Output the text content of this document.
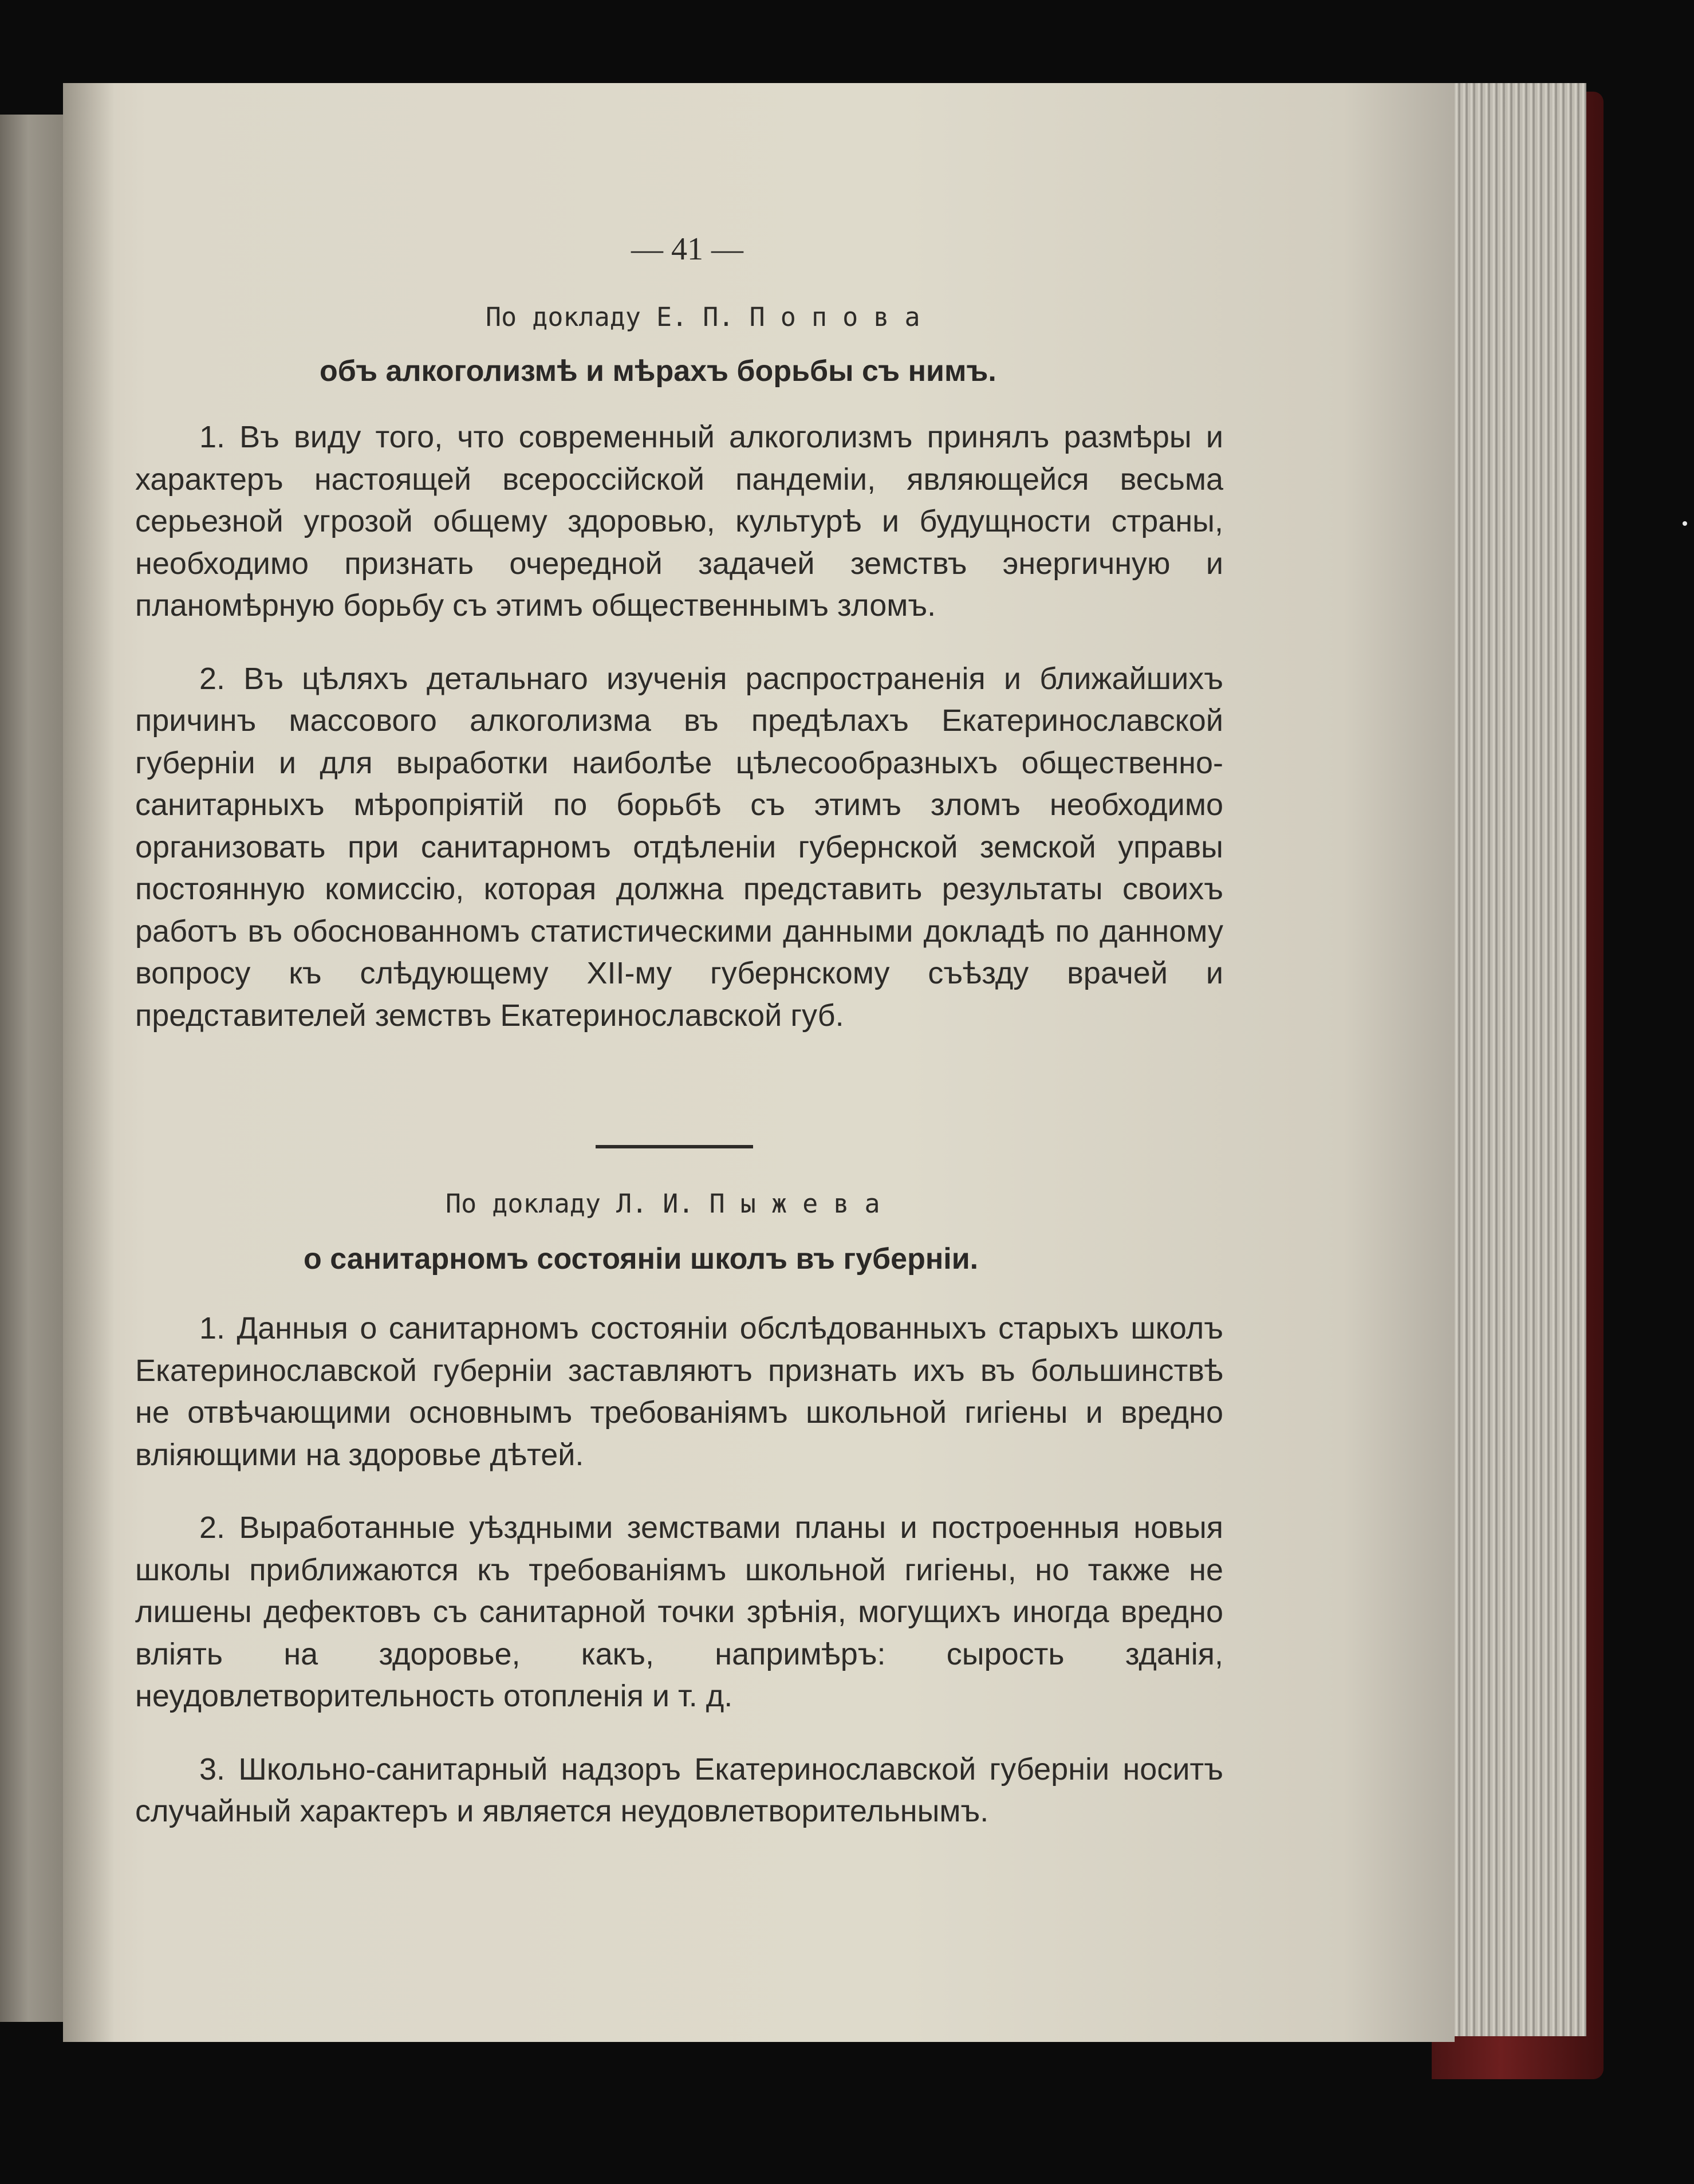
— 41 —
По докладу Е. П. П о п о в а
объ алкоголизмѣ и мѣрахъ борьбы съ нимъ.

1. Въ виду того, что современный алкоголизмъ принялъ размѣры и характеръ настоящей всероссійской пандеміи, являющейся весьма серьезной угрозой общему здоровью, культурѣ и будущности страны, необходимо признать очередной задачей земствъ энергичную и планомѣрную борьбу съ этимъ общественнымъ зломъ.

2. Въ цѣляхъ детальнаго изученія распространенія и ближайшихъ причинъ массового алкоголизма въ предѣлахъ Екатеринославской губерніи и для выработки наиболѣе цѣлесообразныхъ общественно-санитарныхъ мѣропріятій по борьбѣ съ этимъ зломъ необходимо организовать при санитарномъ отдѣленіи губернской земской управы постоянную комиссію, которая должна представить результаты своихъ работъ въ обоснованномъ статистическими данными докладѣ по данному вопросу къ слѣдующему XII-му губернскому съѣзду врачей и представителей земствъ Екатеринославской губ.

По докладу Л. И. П ы ж е в а
о санитарномъ состояніи школъ въ губерніи.

1. Данныя о санитарномъ состояніи обслѣдованныхъ старыхъ школъ Екатеринославской губерніи заставляютъ признать ихъ въ большинствѣ не отвѣчающими основнымъ требованіямъ школьной гигіены и вредно вліяющими на здоровье дѣтей.

2. Выработанные уѣздными земствами планы и построенныя новыя школы приближаются къ требованіямъ школьной гигіены, но также не лишены дефектовъ съ санитарной точки зрѣнія, могущихъ иногда вредно вліять на здоровье, какъ, напримѣръ: сырость зданія, неудовлетворительность отопленія и т. д.

3. Школьно-санитарный надзоръ Екатеринославской губерніи носитъ случайный характеръ и является неудовлетворительнымъ.
